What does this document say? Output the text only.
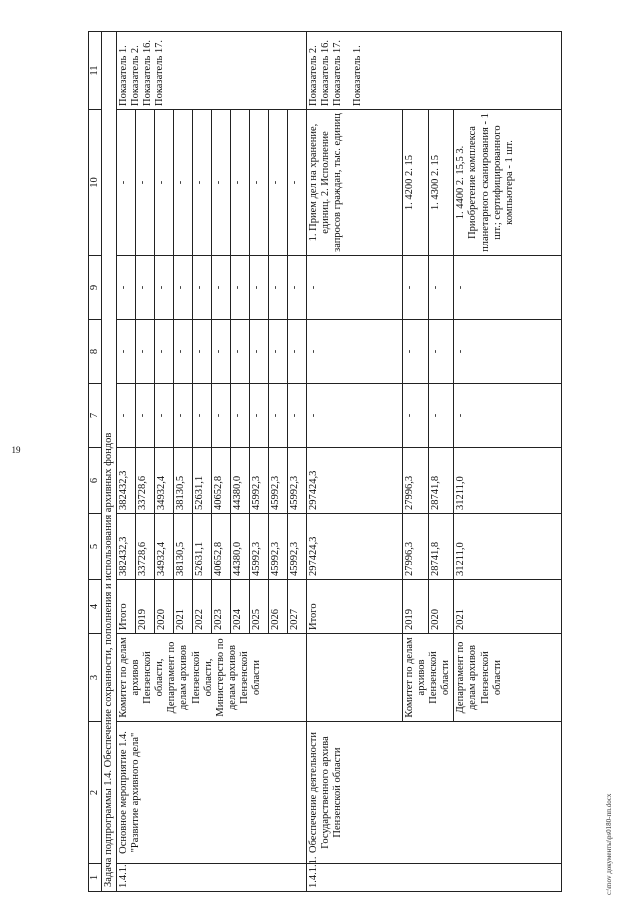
19
c:\mov документы\ps0180-пп.docx
1	2	3	4	5	6	7	8	9	10	11
Задача подпрограммы 1.4. Обеспечение сохранности, пополнения и использования архивных фондов										
1.4.1.	Основное мероприятие 1.4. "Развитие архивного дела"	Комитет по делам архивов Пензенской области, Департамент по делам архивов Пензенской области, Министерство по делам архивов Пензенской области	Итого	382432,3	382432,3	-	-	-	-	Показатель 1. Показатель 2. Показатель 16. Показатель 17.

			2019	33728,6	33728,6	-	-	-	-	
			2020	34932,4	34932,4	-	-	-	-	
			2021	38130,5	38130,5	-	-	-	-	
			2022	52631,1	52631,1	-	-	-	-	
			2023	40652,8	40652,8	-	-	-	-	
			2024	44380,0	44380,0	-	-	-	-	
			2025	45992,3	45992,3	-	-	-	-	
			2026	45992,3	45992,3	-	-	-	-	
			2027	45992,3	45992,3	-	-	-	-	
1.4.1.1.	Обеспечение деятельности Государственного архива Пензенской области		Итого	297424,3	297424,3	-	-	-	1. Прием дел на хранение, единиц. 2. Исполнение запросов граждан, тыс. единиц	Показатель 2. Показатель 16. Показатель 17. Показатель 1.

		Комитет по делам архивов Пензенской области	2019	27996,3	27996,3	-	-	-	1. 4200 2. 15	
			2020	28741,8	28741,8	-	-	-	1. 4300 2. 15	
		Департамент по делам архивов Пензенской области	2021	31211,0	31211,0	-	-	-	1. 4400 2. 15,5 3. Приобретение комплекса планетарного сканирования - 1 шт.; сертифицированного компьютера - 1 шт.	
